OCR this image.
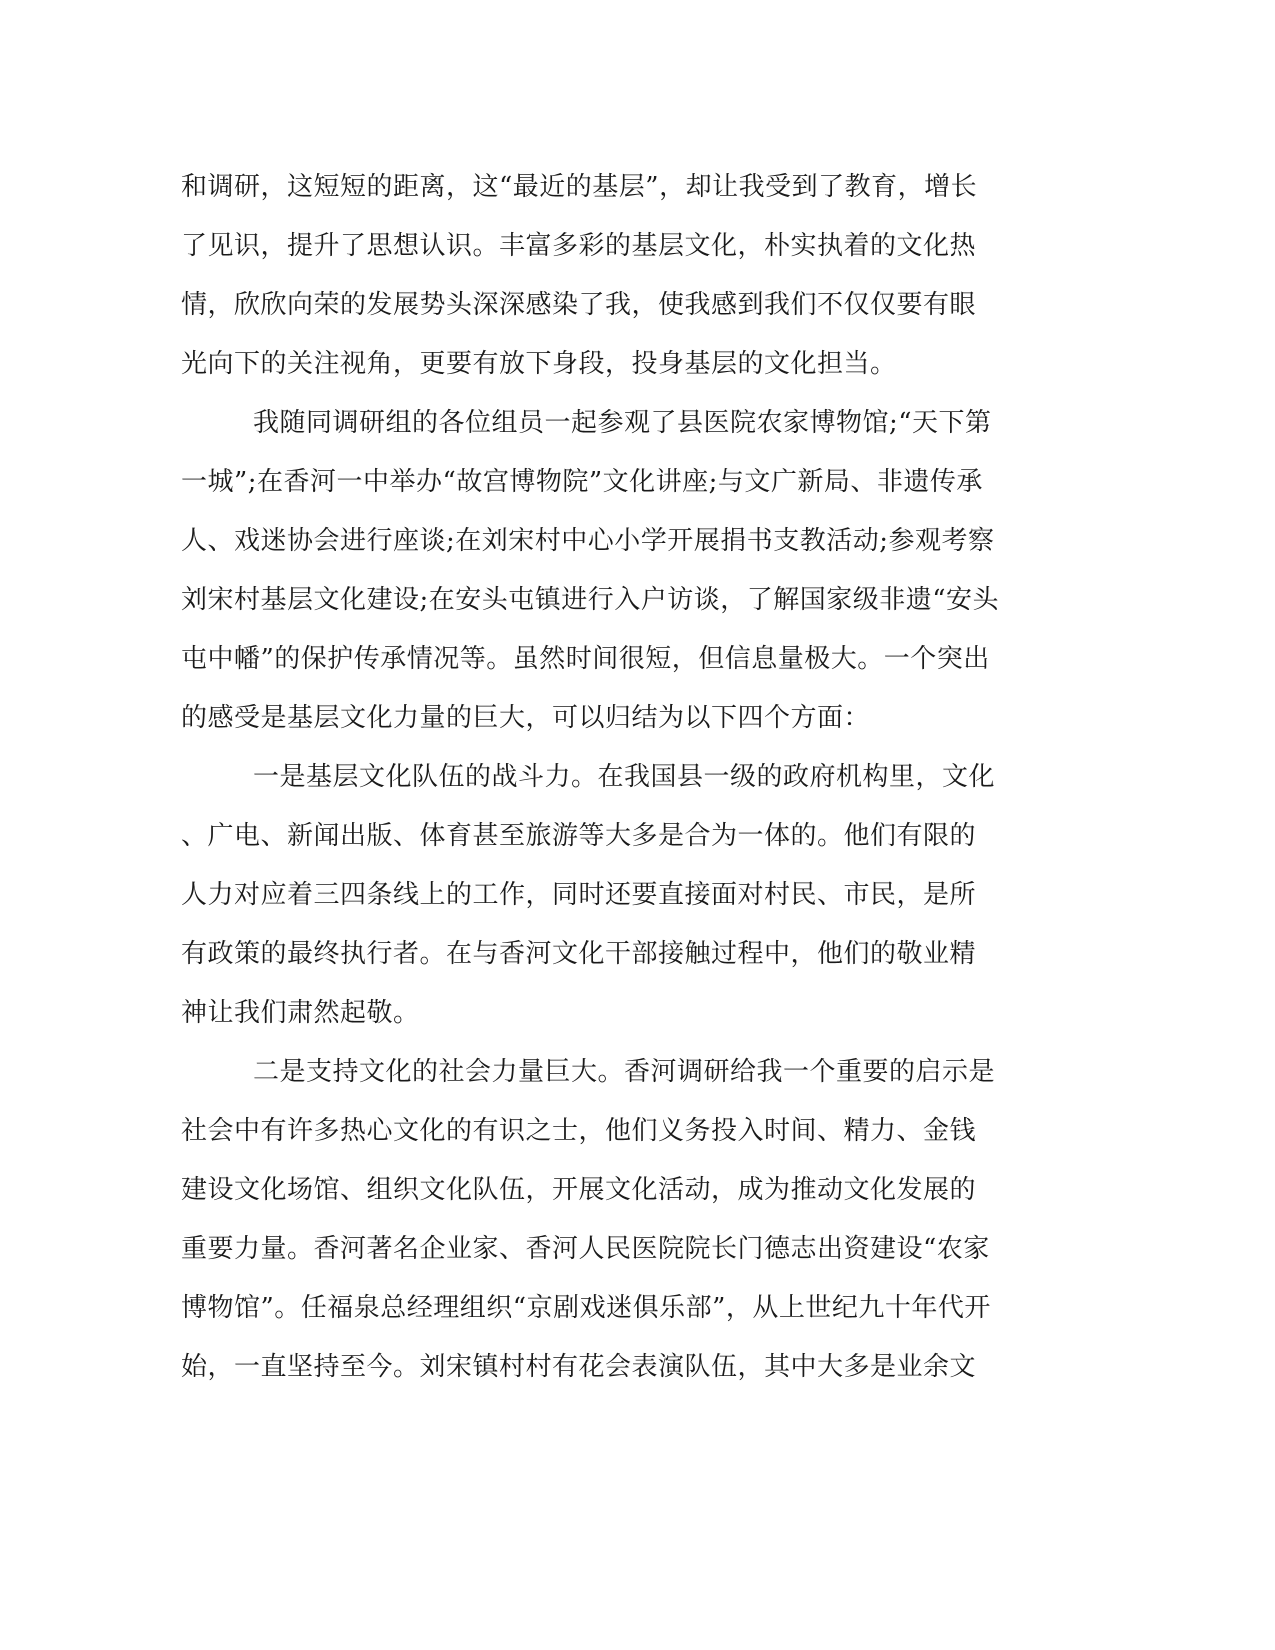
和调研，这短短的距离，这“最近的基层”，却让我受到了教育，增长
了见识，提升了思想认识。丰富多彩的基层文化，朴实执着的文化热
情，欣欣向荣的发展势头深深感染了我，使我感到我们不仅仅要有眼
光向下的关注视角，更要有放下身段，投身基层的文化担当。
我随同调研组的各位组员一起参观了县医院农家博物馆;“天下第
一城”;在香河一中举办“故宫博物院”文化讲座;与文广新局、非遗传承
人、戏迷协会进行座谈;在刘宋村中心小学开展捐书支教活动;参观考察
刘宋村基层文化建设;在安头屯镇进行入户访谈，了解国家级非遗“安头
屯中幡”的保护传承情况等。虽然时间很短，但信息量极大。一个突出
的感受是基层文化力量的巨大，可以归结为以下四个方面：
一是基层文化队伍的战斗力。在我国县一级的政府机构里，文化
、广电、新闻出版、体育甚至旅游等大多是合为一体的。他们有限的
人力对应着三四条线上的工作，同时还要直接面对村民、市民，是所
有政策的最终执行者。在与香河文化干部接触过程中，他们的敬业精
神让我们肃然起敬。
二是支持文化的社会力量巨大。香河调研给我一个重要的启示是
社会中有许多热心文化的有识之士，他们义务投入时间、精力、金钱
建设文化场馆、组织文化队伍，开展文化活动，成为推动文化发展的
重要力量。香河著名企业家、香河人民医院院长门德志出资建设“农家
博物馆”。任福泉总经理组织“京剧戏迷俱乐部”，从上世纪九十年代开
始，一直坚持至今。刘宋镇村村有花会表演队伍，其中大多是业余文
